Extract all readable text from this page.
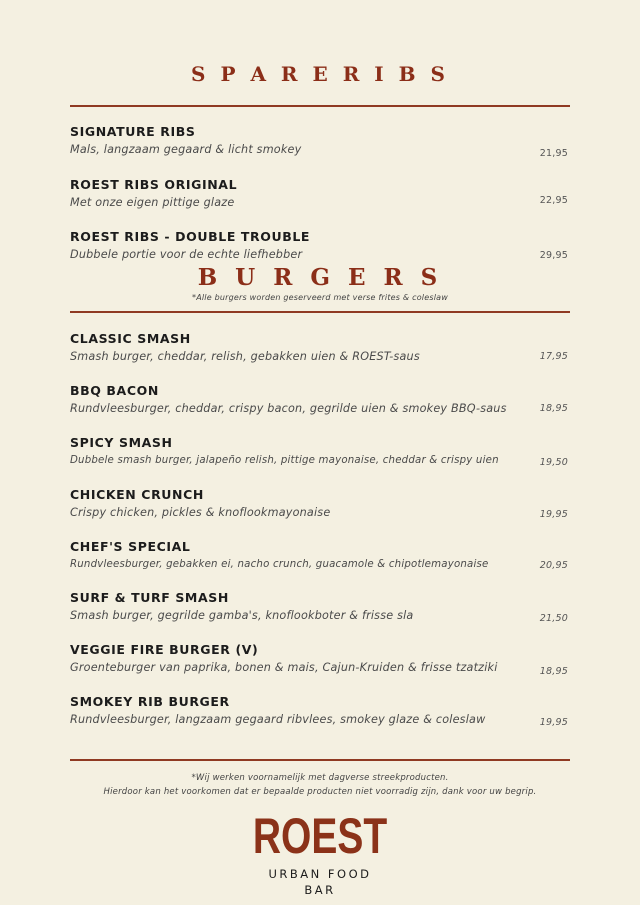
S P A R E R I B S
SIGNATURE RIBS
Mals, langzaam gegaard & licht smokey	21,95
ROEST RIBS ORIGINAL
Met onze eigen pittige glaze	22,95
ROEST RIBS - DOUBLE TROUBLE
Dubbele portie voor de echte liefhebber	29,95
B U R G E R S
*Alle burgers worden geserveerd met verse frites & coleslaw
CLASSIC SMASH
Smash burger, cheddar, relish, gebakken uien & ROEST-saus	17,95
BBQ BACON
Rundvleesburger, cheddar, crispy bacon, gegrilde uien & smokey BBQ-saus	18,95
SPICY SMASH
Dubbele smash burger, jalapeño relish, pittige mayonaise, cheddar & crispy uien	19,50
CHICKEN CRUNCH
Crispy chicken, pickles & knoflookmayonaise	19,95
CHEF'S SPECIAL
Rundvleesburger, gebakken ei, nacho crunch, guacamole & chipotlemayonaise	20,95
SURF & TURF SMASH
Smash burger, gegrilde gamba's, knoflookboter & frisse sla	21,50
VEGGIE FIRE BURGER (V)
Groenteburger van paprika, bonen & mais, Cajun-Kruiden & frisse tzatziki	18,95
SMOKEY RIB BURGER
Rundvleesburger, langzaam gegaard ribvlees, smokey glaze & coleslaw	19,95
*Wij werken voornamelijk met dagverse streekproducten.
Hierdoor kan het voorkomen dat er bepaalde producten niet voorradig zijn, dank voor uw begrip.
ROEST
URBAN FOOD
BAR
